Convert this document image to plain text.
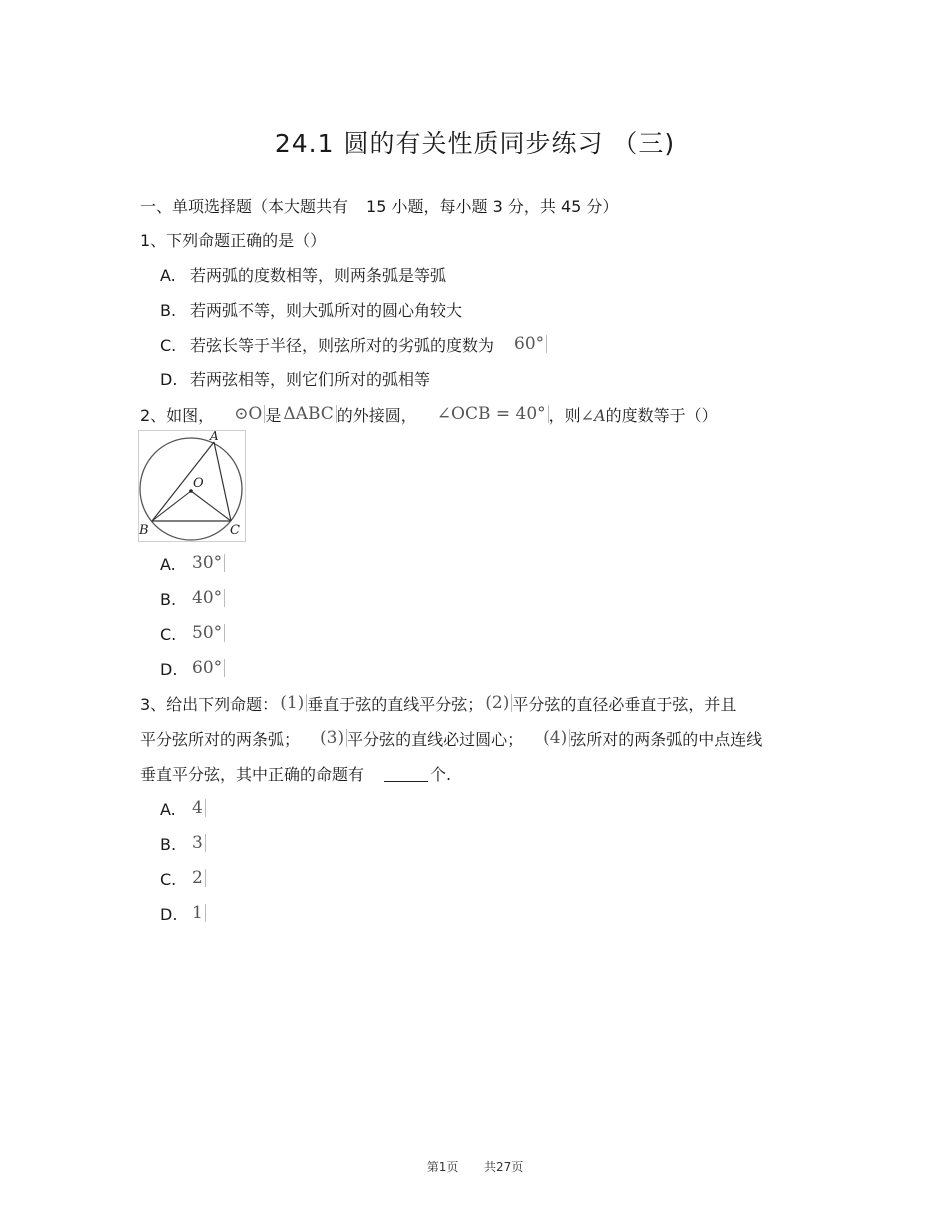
24.1 圆的有关性质同步练习 （三)
一、单项选择题（本大题共有 15 小题，每小题 3 分，共 45 分）
1、下列命题正确的是（）
A. 若两弧的度数相等，则两条弧是等弧
B. 若两弧不等，则大弧所对的圆心角较大
C. 若弦长等于半径，则弦所对的劣弧的度数为 60°
D. 若两弦相等，则它们所对的弧相等
2、如图， ⊙O 是 ΔABC 的外接圆， ∠OCB = 40° ，则∠A的度数等于（）
A
O
B	C
A. 30°
B. 40°
C. 50°
D. 60°
3、给出下列命题： (1) 垂直于弦的直线平分弦； (2) 平分弦的直径必垂直于弦，并且
平分弦所对的两条弧； (3) 平分弦的直线必过圆心； (4) 弦所对的两条弧的中点连线
垂直平分弦，其中正确的命题有	个.
A. 4
B. 3
C. 2
D. 1
第1页 共27页
